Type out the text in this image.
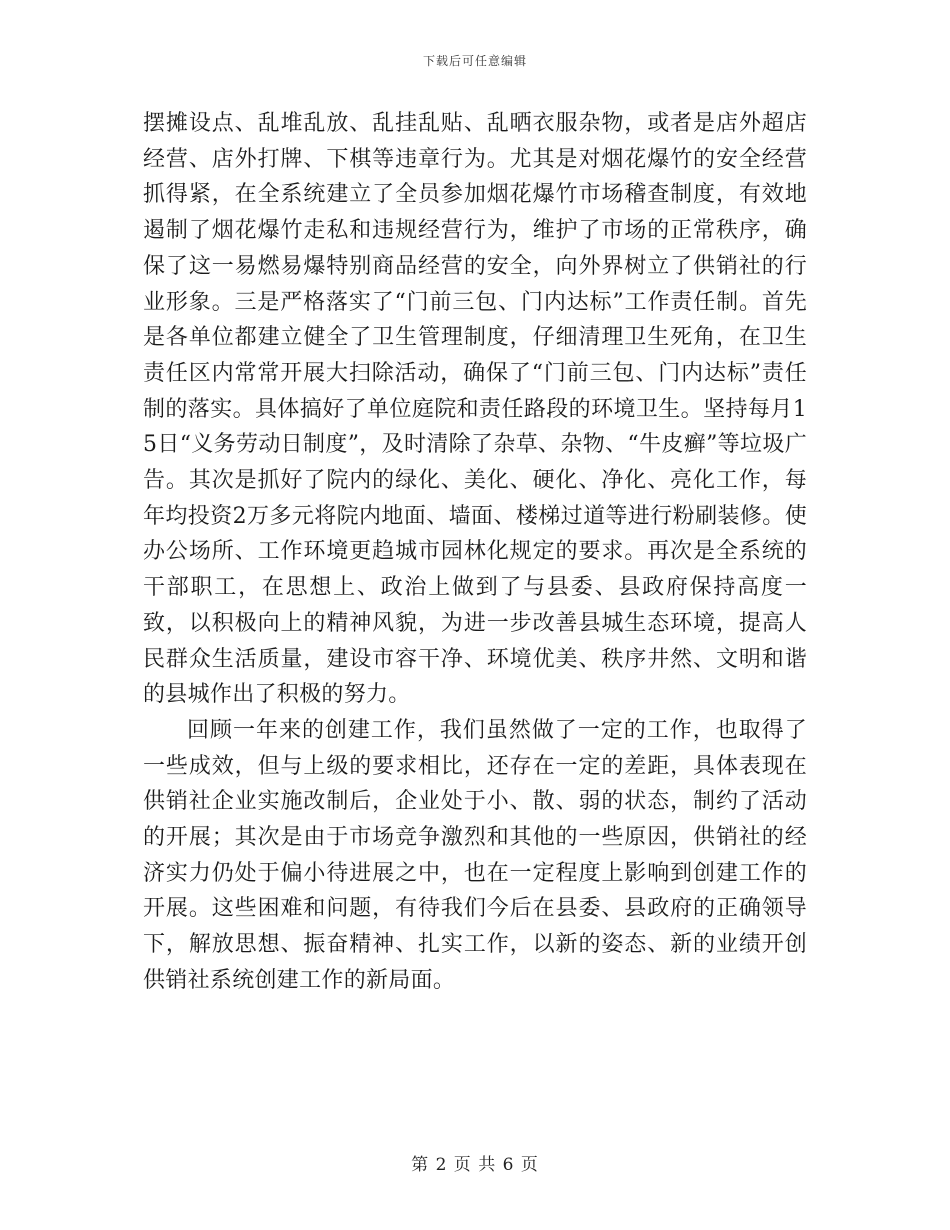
下载后可任意编辑

摆摊设点、乱堆乱放、乱挂乱贴、乱晒衣服杂物，或者是店外超店经营、店外打牌、下棋等违章行为。尤其是对烟花爆竹的安全经营抓得紧，在全系统建立了全员参加烟花爆竹市场稽查制度，有效地遏制了烟花爆竹走私和违规经营行为，维护了市场的正常秩序，确保了这一易燃易爆特别商品经营的安全，向外界树立了供销社的行业形象。三是严格落实了“门前三包、门内达标”工作责任制。首先是各单位都建立健全了卫生管理制度，仔细清理卫生死角，在卫生责任区内常常开展大扫除活动，确保了“门前三包、门内达标”责任制的落实。具体搞好了单位庭院和责任路段的环境卫生。坚持每月15日“义务劳动日制度”，及时清除了杂草、杂物、“牛皮癣”等垃圾广告。其次是抓好了院内的绿化、美化、硬化、净化、亮化工作，每年均投资2万多元将院内地面、墙面、楼梯过道等进行粉刷装修。使办公场所、工作环境更趋城市园林化规定的要求。再次是全系统的干部职工，在思想上、政治上做到了与县委、县政府保持高度一致，以积极向上的精神风貌，为进一步改善县城生态环境，提高人民群众生活质量，建设市容干净、环境优美、秩序井然、文明和谐的县城作出了积极的努力。

回顾一年来的创建工作，我们虽然做了一定的工作，也取得了一些成效，但与上级的要求相比，还存在一定的差距，具体表现在供销社企业实施改制后，企业处于小、散、弱的状态，制约了活动的开展；其次是由于市场竞争激烈和其他的一些原因，供销社的经济实力仍处于偏小待进展之中，也在一定程度上影响到创建工作的开展。这些困难和问题，有待我们今后在县委、县政府的正确领导下，解放思想、振奋精神、扎实工作，以新的姿态、新的业绩开创供销社系统创建工作的新局面。

第 2 页 共 6 页
